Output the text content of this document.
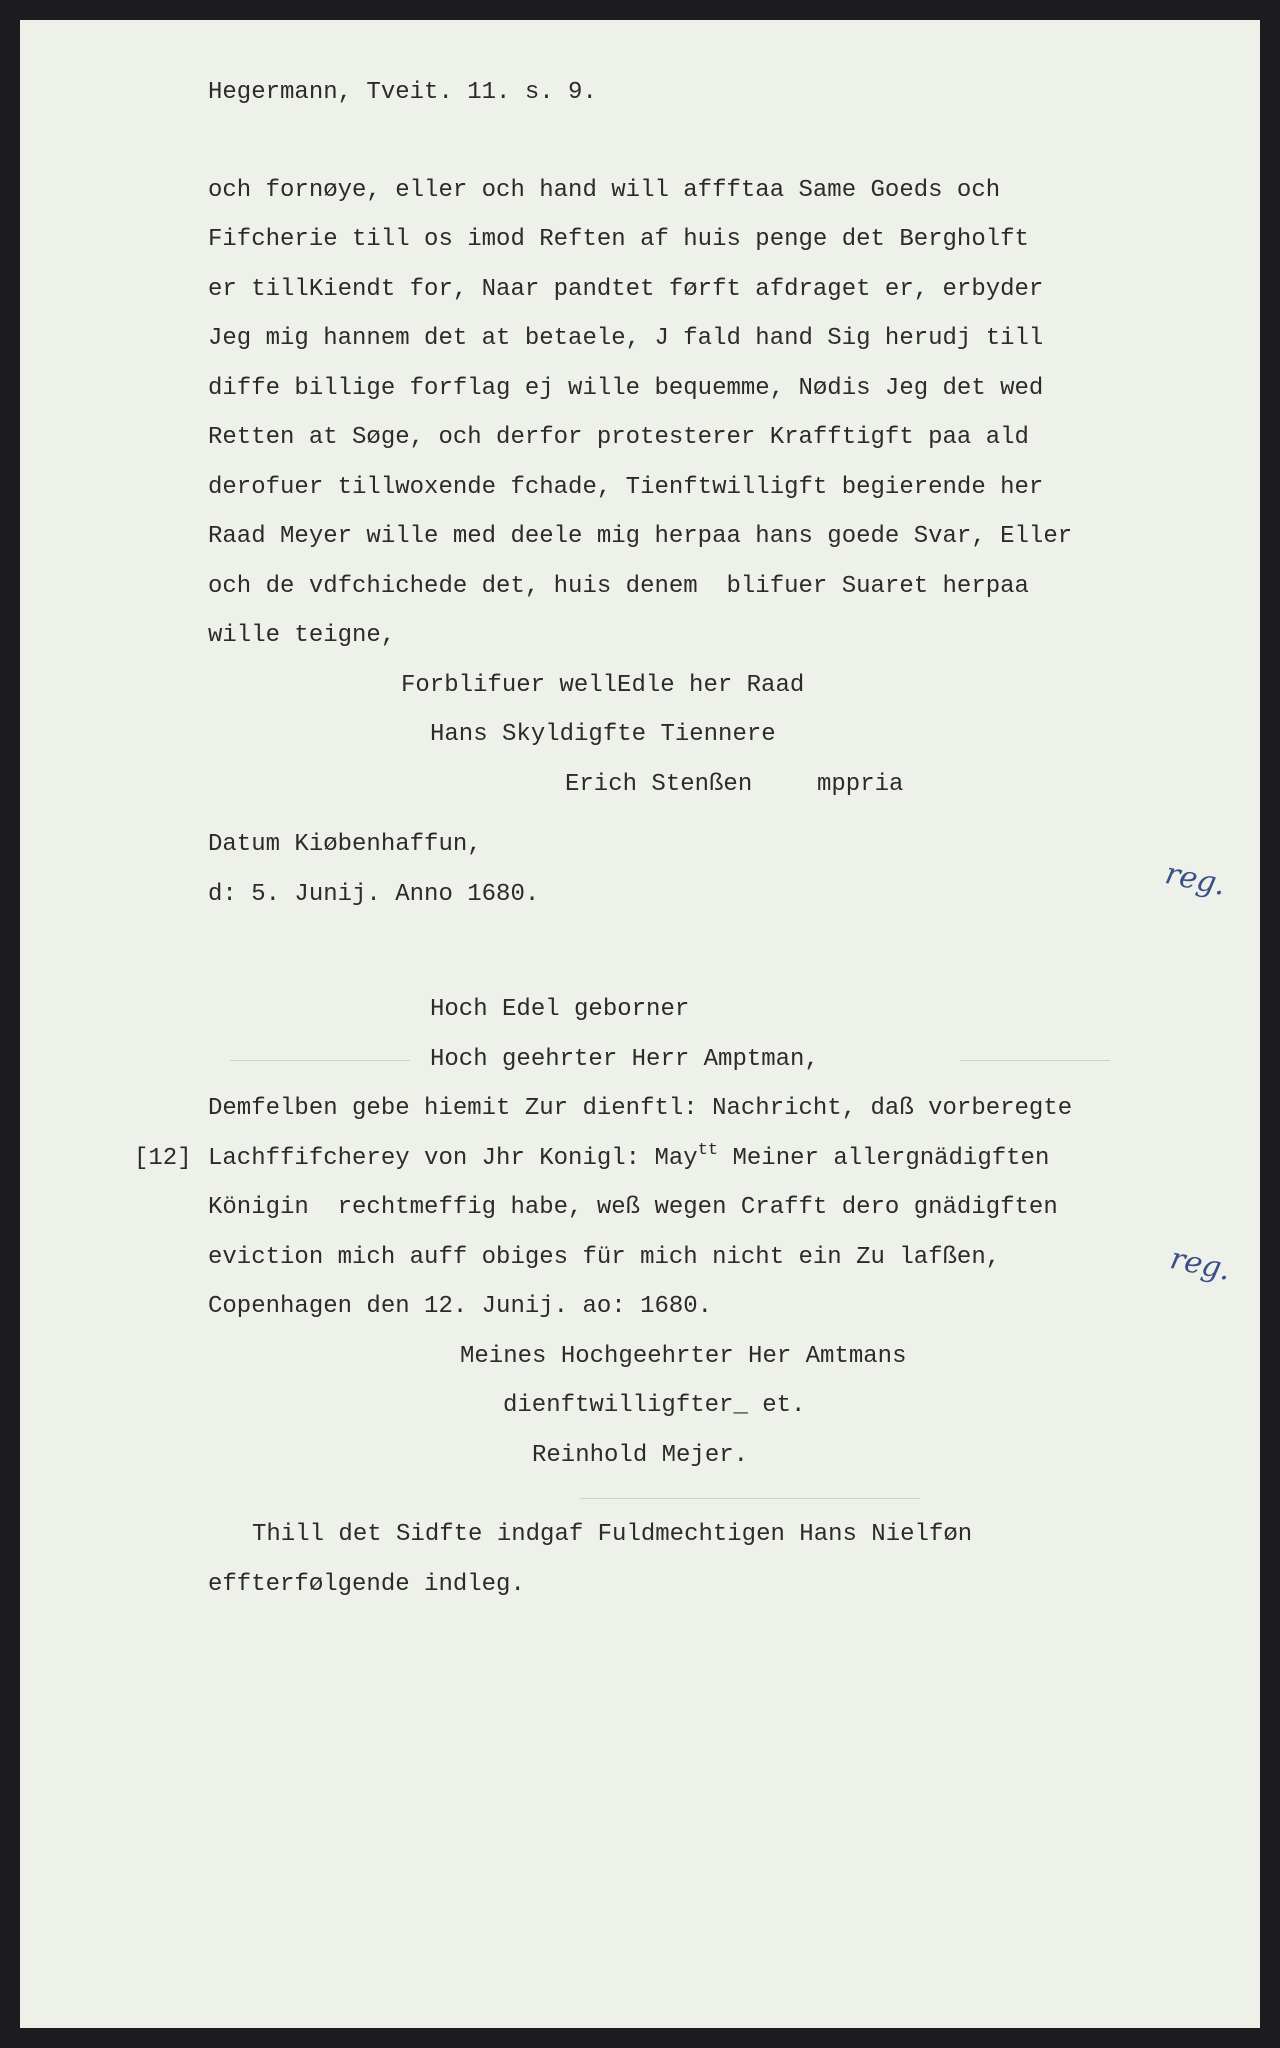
Hegermann, Tveit. 11. s. 9.
och fornøye, eller och hand will affftaa Same Goeds och
Fifcherie till os imod Reften af huis penge det Bergholft
er tillKiendt for, Naar pandtet førft afdraget er, erbyder
Jeg mig hannem det at betaele, J fald hand Sig herudj till
diffe billige forflag ej wille bequemme, Nødis Jeg det wed
Retten at Søge, och derfor protesterer Krafftigft paa ald
derofuer tillwoxende fchade, Tienftwilligft begierende her
Raad Meyer wille med deele mig herpaa hans goede Svar, Eller
och de vdfchichede det, huis denem  blifuer Suaret herpaa
wille teigne,
Forblifuer wellEdle her Raad
Hans Skyldigfte Tiennere
Erich Stenßen	mppria
Datum Kiøbenhaffun,
d: 5. Junij. Anno 1680.	reg.
Hoch Edel geborner
Hoch geehrter Herr Amptman,
Demfelben gebe hiemit Zur dienftl: Nachricht, daß vorberegte
[12] Lachffifcherey von Jhr Konigl: May$^{tt}$ Meiner allergnädigften
Königin  rechtmeffig habe, weß wegen Crafft dero gnädigften
eviction mich auff obiges für mich nicht ein Zu lafßen,
Copenhagen den 12. Junij. ao: 1680.
reg.
Meines Hochgeehrter Her Amtmans
dienftwilligfter_ et.
Reinhold Mejer.
Thill det Sidfte indgaf Fuldmechtigen Hans Nielføn
effterfølgende indleg.
